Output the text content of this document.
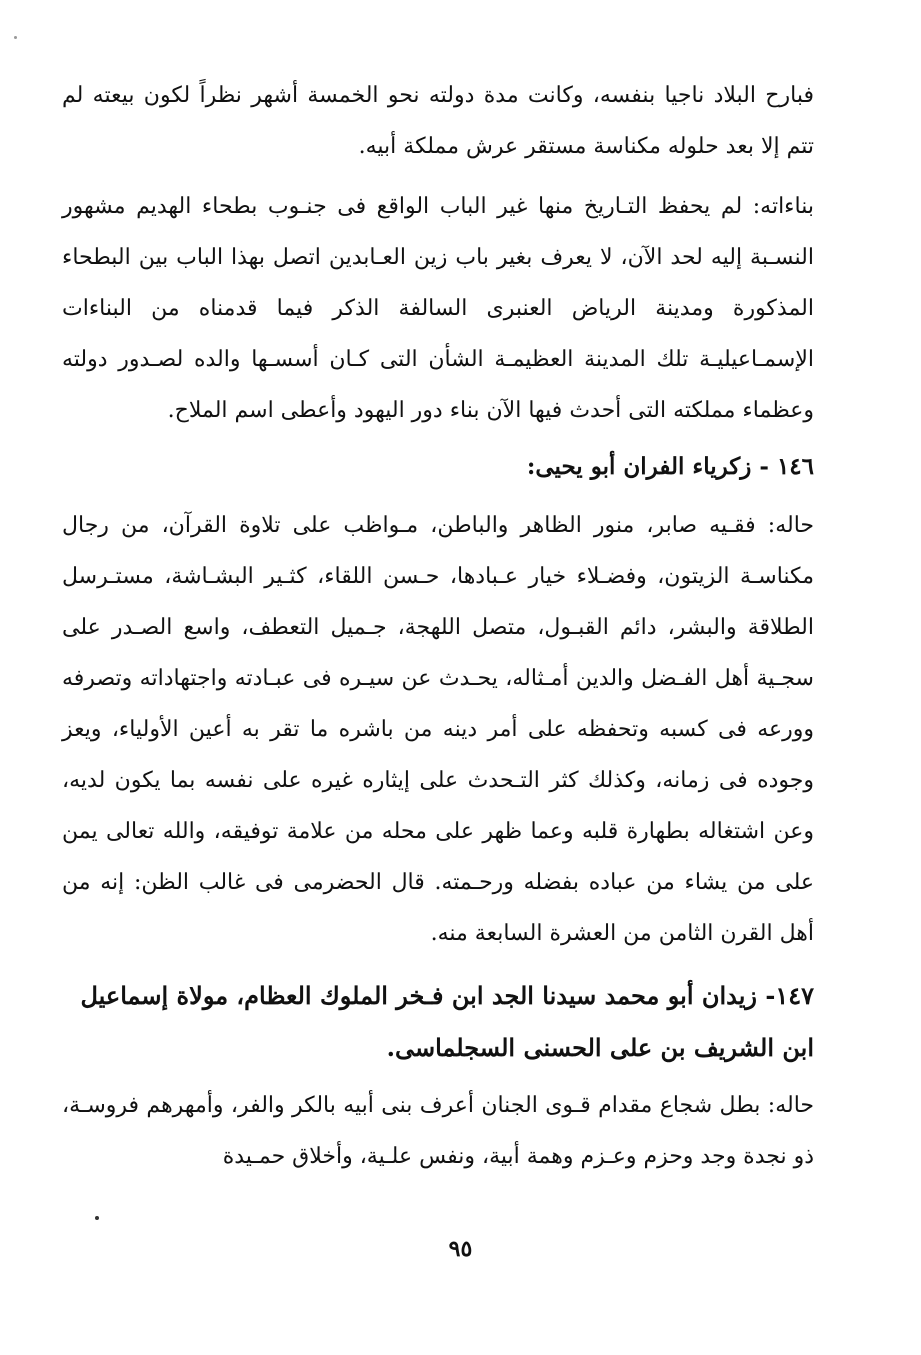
فبارح البلاد ناجيا بنفسه، وكانت مدة دولته نحو الخمسة أشهر نظراً لكون بيعته لم تتم إلا بعد حلوله مكناسة مستقر عرش مملكة أبيه.

بناءاته: لم يحفظ التـاريخ منها غير الباب الواقع فى جنـوب بطحاء الهديم مشهور النسـبة إليه لحد الآن، لا يعرف بغير باب زين العـابدين اتصل بهذا الباب بين البطحاء المذكورة ومدينة الرياض العنبرى السالفة الذكر فيما قدمناه من البناءات الإسمـاعيليـة تلك المدينة العظيمـة الشأن التى كـان أسسـها والده لصـدور دولته وعظماء مملكته التى أحدث فيها الآن بناء دور اليهود وأعطى اسم الملاح.

١٤٦ - زكرياء الفران أبو يحيى:

حاله: فقـيه صابر، منور الظاهر والباطن، مـواظب على تلاوة القرآن، من رجال مكناسـة الزيتون، وفضـلاء خيار عـبادها، حـسن اللقاء، كثـير البشـاشة، مستـرسل الطلاقة والبشر، دائم القبـول، متصل اللهجة، جـميل التعطف، واسع الصـدر على سجـية أهل الفـضل والدين أمـثاله، يحـدث عن سيـره فى عبـادته واجتهاداته وتصرفه وورعه فى كسبه وتحفظه على أمر دينه من باشره ما تقر به أعين الأولياء، ويعز وجوده فى زمانه، وكذلك كثر التـحدث على إيثاره غيره على نفسه بما يكون لديه، وعن اشتغاله بطهارة قلبه وعما ظهر على محله من علامة توفيقه، والله تعالى يمن على من يشاء من عباده بفضله ورحـمته. قال الحضرمى فى غالب الظن: إنه من أهل القرن الثامن من العشرة السابعة منه.

١٤٧- زيدان أبو محمد سيدنا الجد ابن فـخر الملوك العظام، مولاة إسماعيل ابن الشريف بن على الحسنى السجلماسى.

حاله: بطل شجاع مقدام قـوى الجنان أعرف بنى أبيه بالكر والفر، وأمهرهم فروسـة، ذو نجدة وجد وحزم وعـزم وهمة أبية، ونفس علـية، وأخلاق حمـيدة

٩٥
